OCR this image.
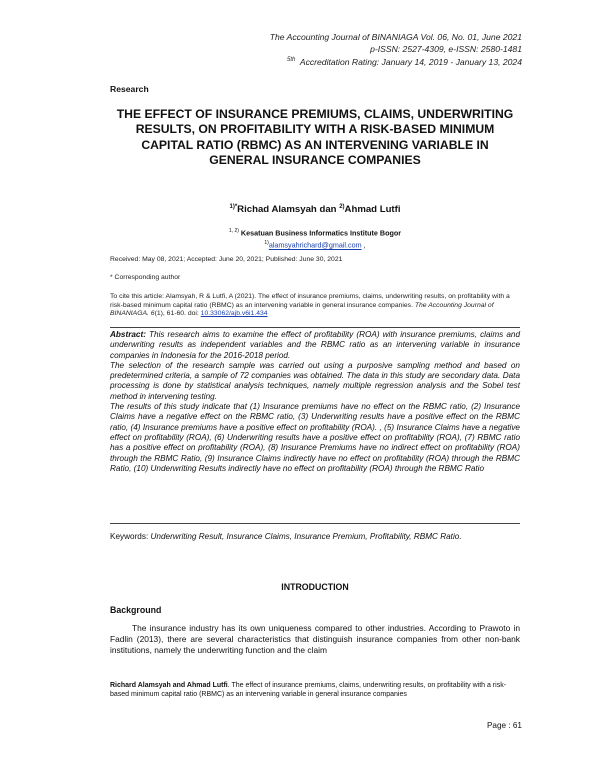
The Accounting Journal of BINANIAGA Vol. 06, No. 01, June 2021
p-ISSN: 2527-4309, e-ISSN: 2580-1481
$^{5th}$ Accreditation Rating: January 14, 2019 - January 13, 2024
Research
THE EFFECT OF INSURANCE PREMIUMS, CLAIMS, UNDERWRITING RESULTS, ON PROFITABILITY WITH A RISK-BASED MINIMUM CAPITAL RATIO (RBMC) AS AN INTERVENING VARIABLE IN GENERAL INSURANCE COMPANIES
$^{1)*}$Richad Alamsyah dan $^{2)}$Ahmad Lutfi
$^{1, 2)}$ Kesatuan Business Informatics Institute Bogor
$^{1)}$alamsyahrichard@gmail.com ,
Received: May 08, 2021; Accepted: June 20, 2021; Published: June 30, 2021
* Corresponding author
To cite this article: Alamsyah, R & Lutfi, A (2021). The effect of insurance premiums, claims, underwriting results, on profitability with a risk-based minimum capital ratio (RBMC) as an intervening variable in general insurance companies. The Accounting Journal of BINANIAGA. 6(1), 61-60. doi: 10.33062/ajb.v6i1.434

Abstract: This research aims to examine the effect of profitability (ROA) with insurance premiums, claims and underwriting results as independent variables and the RBMC ratio as an intervening variable in insurance companies in Indonesia for the 2016-2018 period.

The selection of the research sample was carried out using a purposive sampling method and based on predetermined criteria, a sample of 72 companies was obtained. The data in this study are secondary data. Data processing is done by statistical analysis techniques, namely multiple regression analysis and the Sobel test method in intervening testing.

The results of this study indicate that (1) Insurance premiums have no effect on the RBMC ratio, (2) Insurance Claims have a negative effect on the RBMC ratio, (3) Underwriting results have a positive effect on the RBMC ratio, (4) Insurance premiums have a positive effect on profitability (ROA). , (5) Insurance Claims have a negative effect on profitability (ROA), (6) Underwriting results have a positive effect on profitability (ROA), (7) RBMC ratio has a positive effect on profitability (ROA), (8) Insurance Premiums have no indirect effect on profitability (ROA) through the RBMC Ratio, (9) Insurance Claims indirectly have no effect on profitability (ROA) through the RBMC Ratio, (10) Underwriting Results indirectly have no effect on profitability (ROA) through the RBMC Ratio

Keywords: Underwriting Result, Insurance Claims, Insurance Premium, Profitability, RBMC Ratio.
INTRODUCTION
Background
The insurance industry has its own uniqueness compared to other industries. According to Prawoto in Fadlin (2013), there are several characteristics that distinguish insurance companies from other non-bank institutions, namely the underwriting function and the claim
Richard Alamsyah and Ahmad Lutfi. The effect of insurance premiums, claims, underwriting results, on profitability with a risk-based minimum capital ratio (RBMC) as an intervening variable in general insurance companies
Page : 61
